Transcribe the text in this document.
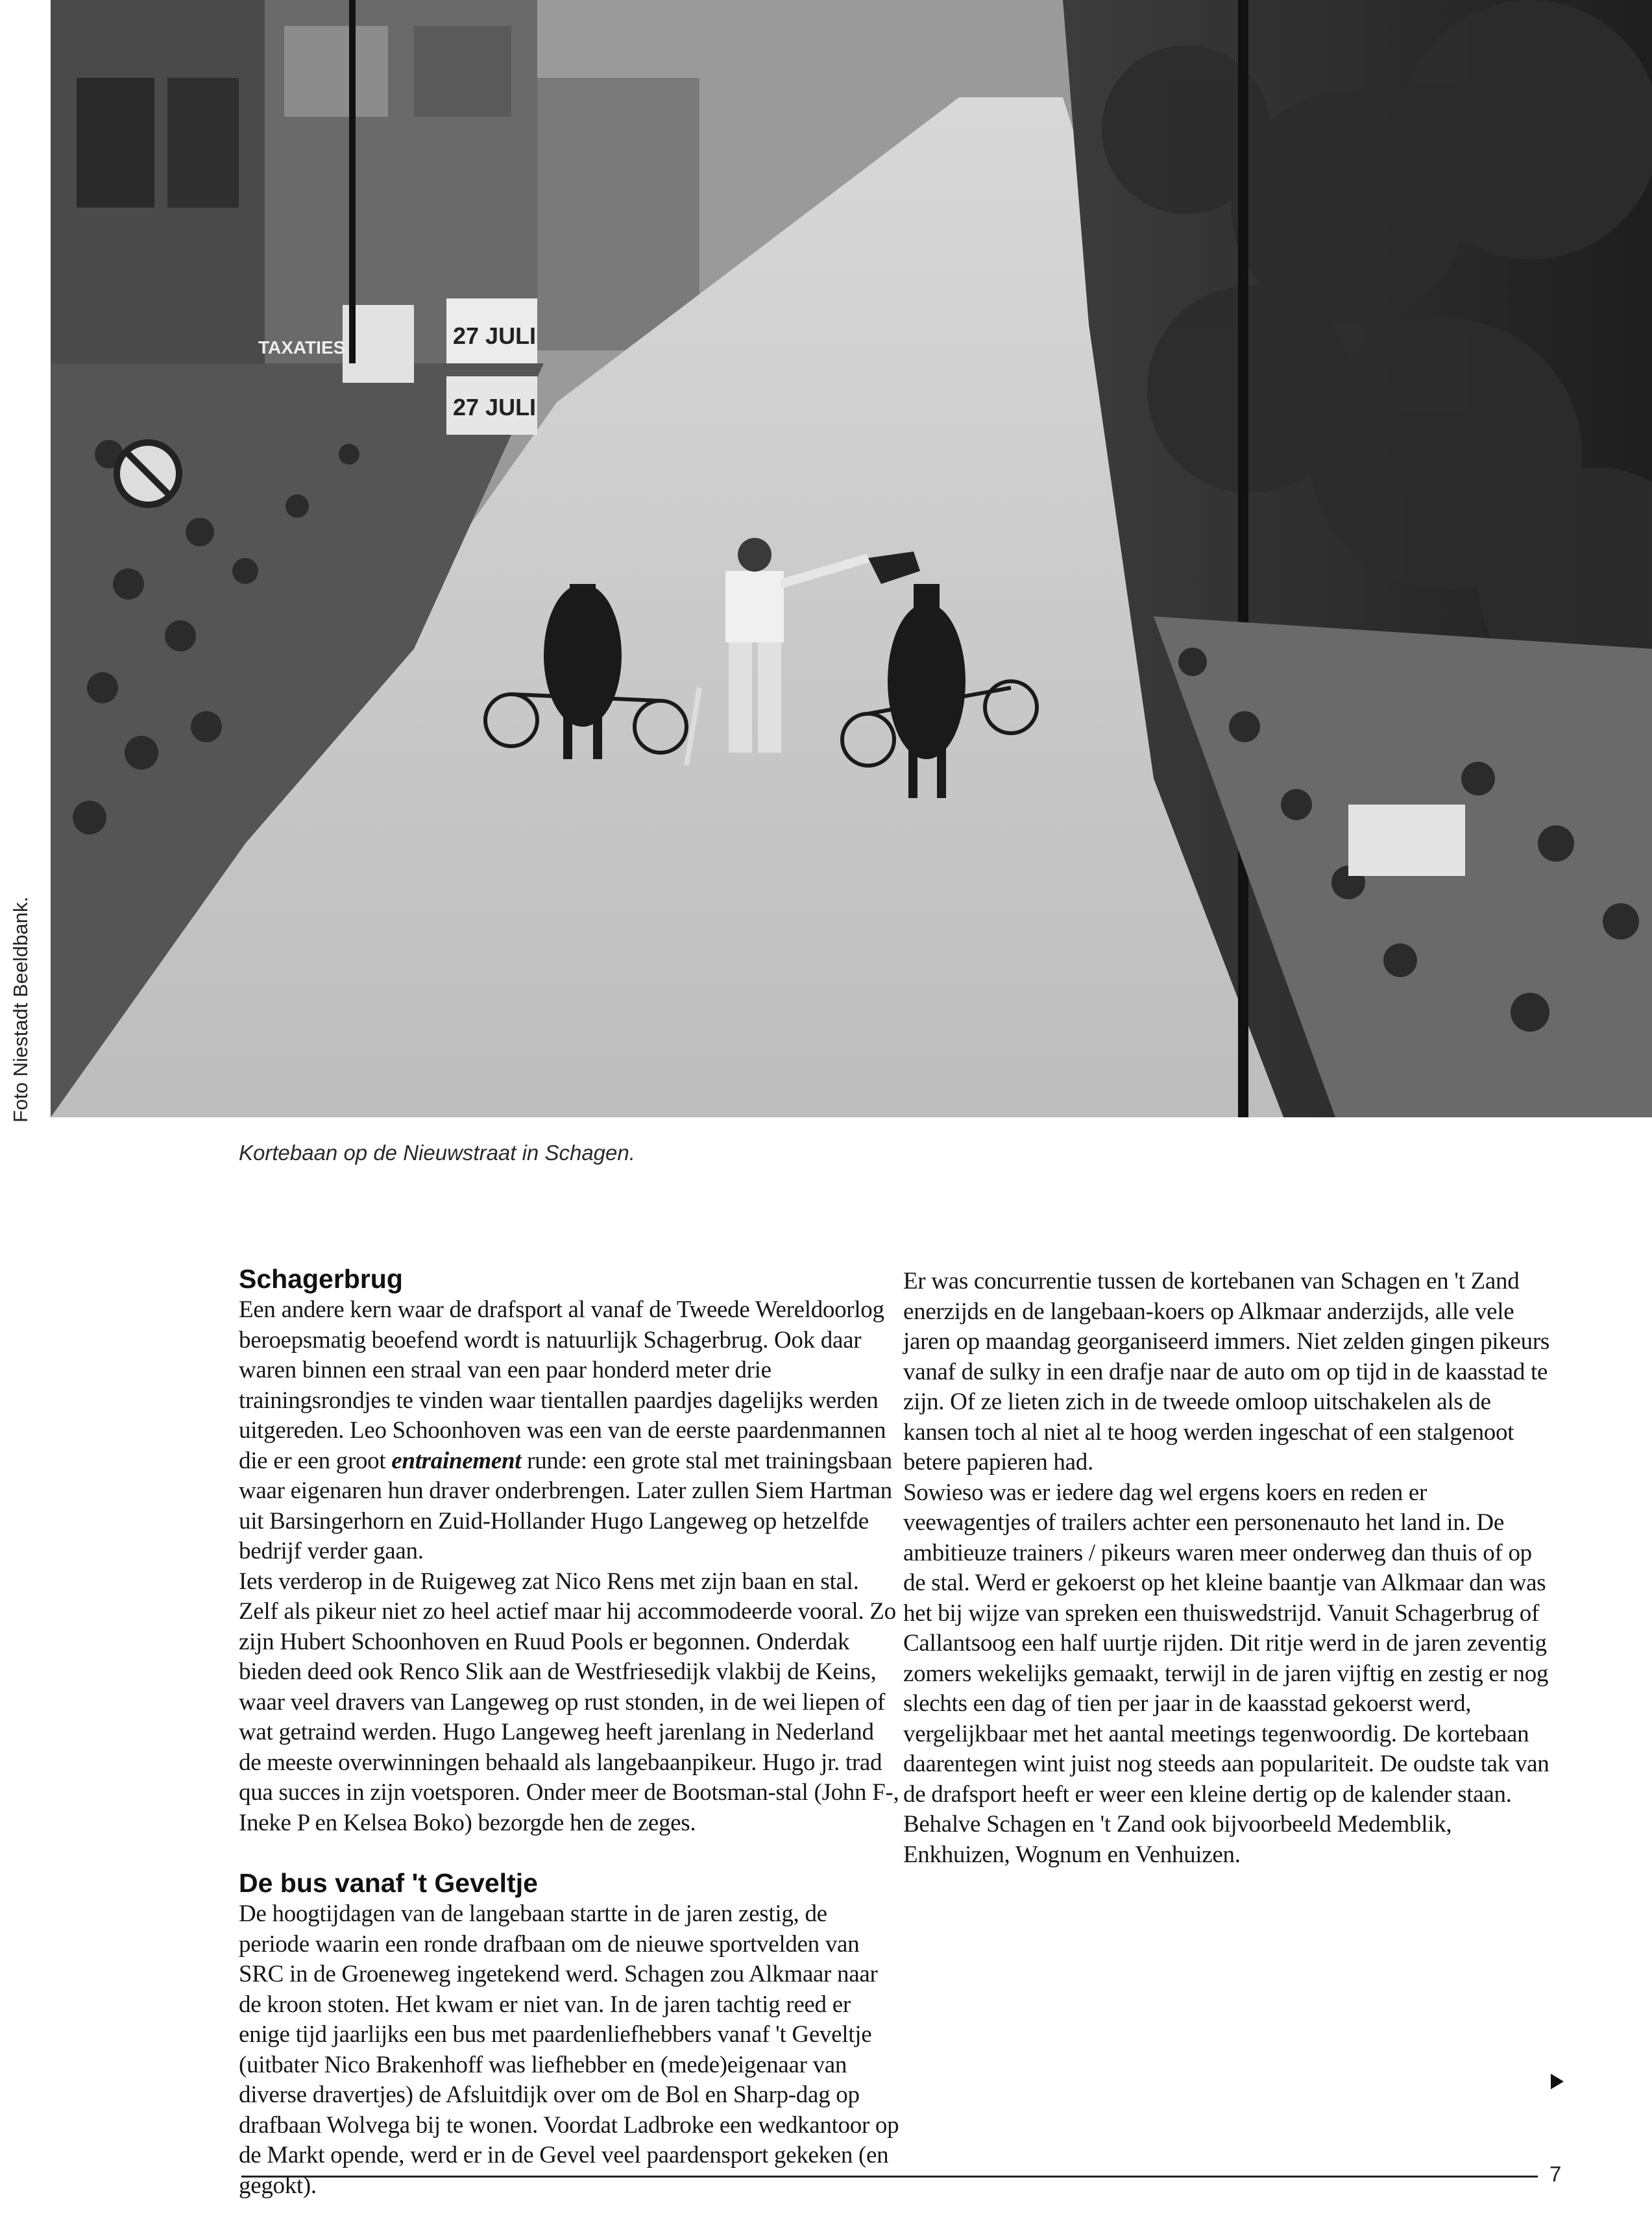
27 JULI
27 JULI
TAXATIES

Foto Niestadt Beeldbank.

Kortebaan op de Nieuwstraat in Schagen.

Schagerbrug

Een andere kern waar de drafsport al vanaf de Tweede Wereldoorlog beroepsmatig beoefend wordt is natuurlijk Schagerbrug. Ook daar waren binnen een straal van een paar honderd meter drie trainingsrondjes te vinden waar tientallen paardjes dagelijks werden uitgereden. Leo Schoonhoven was een van de eerste paardenmannen die er een groot entrainement runde: een grote stal met trainingsbaan waar eigenaren hun draver onderbrengen. Later zullen Siem Hartman uit Barsingerhorn en Zuid-Hollander Hugo Langeweg op hetzelfde bedrijf verder gaan.

Iets verderop in de Ruigeweg zat Nico Rens met zijn baan en stal. Zelf als pikeur niet zo heel actief maar hij accommodeerde vooral. Zo zijn Hubert Schoonhoven en Ruud Pools er begonnen. Onderdak bieden deed ook Renco Slik aan de Westfriesedijk vlakbij de Keins, waar veel dravers van Langeweg op rust stonden, in de wei liepen of wat getraind werden. Hugo Langeweg heeft jarenlang in Nederland de meeste overwinningen behaald als langebaanpikeur. Hugo jr. trad qua succes in zijn voetsporen. Onder meer de Bootsman-stal (John F-, Ineke P en Kelsea Boko) bezorgde hen de zeges.

De bus vanaf 't Geveltje

De hoogtijdagen van de langebaan startte in de jaren zestig, de periode waarin een ronde drafbaan om de nieuwe sportvelden van SRC in de Groeneweg ingetekend werd. Schagen zou Alkmaar naar de kroon stoten. Het kwam er niet van. In de jaren tachtig reed er enige tijd jaarlijks een bus met paardenliefhebbers vanaf 't Geveltje (uitbater Nico Brakenhoff was liefhebber en (mede)eigenaar van diverse dravertjes) de Afsluitdijk over om de Bol en Sharp-dag op drafbaan Wolvega bij te wonen. Voordat Ladbroke een wedkantoor op de Markt opende, werd er in de Gevel veel paardensport gekeken (en gegokt).

Er was concurrentie tussen de kortebanen van Schagen en 't Zand enerzijds en de langebaan-koers op Alkmaar anderzijds, alle vele jaren op maandag georganiseerd immers. Niet zelden gingen pikeurs vanaf de sulky in een drafje naar de auto om op tijd in de kaasstad te zijn. Of ze lieten zich in de tweede omloop uitschakelen als de kansen toch al niet al te hoog werden ingeschat of een stalgenoot betere papieren had.

Sowieso was er iedere dag wel ergens koers en reden er veewagentjes of trailers achter een personenauto het land in. De ambitieuze trainers / pikeurs waren meer onderweg dan thuis of op de stal. Werd er gekoerst op het kleine baantje van Alkmaar dan was het bij wijze van spreken een thuiswedstrijd. Vanuit Schagerbrug of Callantsoog een half uurtje rijden. Dit ritje werd in de jaren zeventig zomers wekelijks gemaakt, terwijl in de jaren vijftig en zestig er nog slechts een dag of tien per jaar in de kaasstad gekoerst werd, vergelijkbaar met het aantal meetings tegenwoordig. De kortebaan daarentegen wint juist nog steeds aan populariteit. De oudste tak van de drafsport heeft er weer een kleine dertig op de kalender staan. Behalve Schagen en 't Zand ook bijvoorbeeld Medemblik, Enkhuizen, Wognum en Venhuizen.

7
